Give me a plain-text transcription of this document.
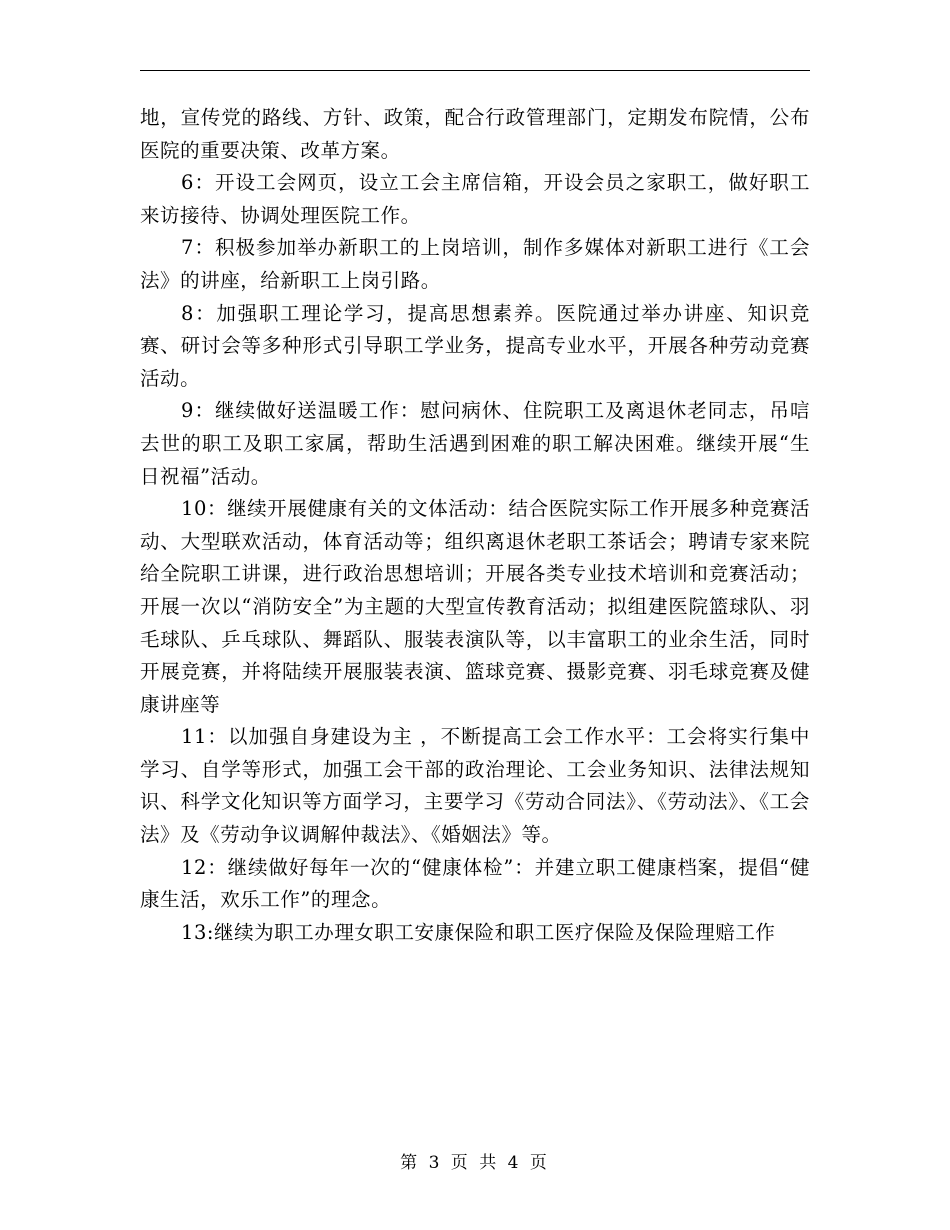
地，宣传党的路线、方针、政策，配合行政管理部门，定期发布院情，公布医院的重要决策、改革方案。

6：开设工会网页，设立工会主席信箱，开设会员之家职工，做好职工来访接待、协调处理医院工作。

7：积极参加举办新职工的上岗培训，制作多媒体对新职工进行《工会法》的讲座，给新职工上岗引路。

8：加强职工理论学习，提高思想素养。医院通过举办讲座、知识竞赛、研讨会等多种形式引导职工学业务，提高专业水平，开展各种劳动竞赛活动。

9：继续做好送温暖工作：慰问病休、住院职工及离退休老同志，吊唁去世的职工及职工家属，帮助生活遇到困难的职工解决困难。继续开展“生日祝福”活动。

10：继续开展健康有关的文体活动：结合医院实际工作开展多种竞赛活动、大型联欢活动，体育活动等；组织离退休老职工茶话会；聘请专家来院给全院职工讲课，进行政治思想培训；开展各类专业技术培训和竞赛活动；开展一次以“消防安全”为主题的大型宣传教育活动；拟组建医院篮球队、羽毛球队、乒乓球队、舞蹈队、服装表演队等，以丰富职工的业余生活，同时开展竞赛，并将陆续开展服装表演、篮球竞赛、摄影竞赛、羽毛球竞赛及健康讲座等

11：以加强自身建设为主 ，不断提高工会工作水平：工会将实行集中学习、自学等形式，加强工会干部的政治理论、工会业务知识、法律法规知识、科学文化知识等方面学习，主要学习《劳动合同法》、《劳动法》、《工会法》及《劳动争议调解仲裁法》、《婚姻法》等。

12：继续做好每年一次的“健康体检”：并建立职工健康档案，提倡“健康生活，欢乐工作”的理念。

13:继续为职工办理女职工安康保险和职工医疗保险及保险理赔工作

第 3 页 共 4 页
